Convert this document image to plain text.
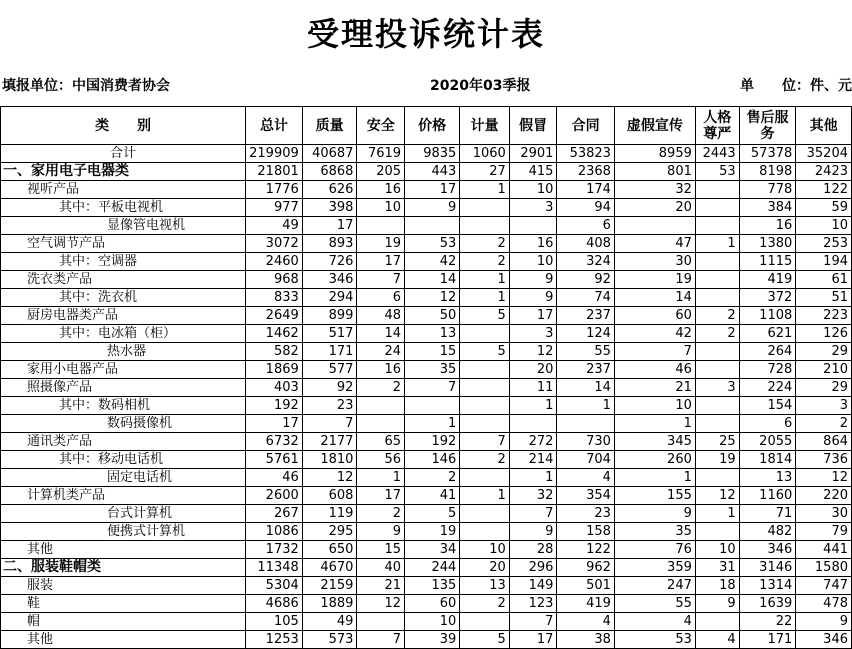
受理投诉统计表
填报单位：中国消费者协会	2020年03季报	单　　位：件、元
类　　别	总计	质量	安全	价格	计量	假冒	合同	虚假宣传	人格尊严	售后服务	其他
合计	219909	40687	7619	9835	1060	2901	53823	8959	2443	57378	35204
一、家用电子电器类	21801	6868	205	443	27	415	2368	801	53	8198	2423
视听产品	1776	626	16	17	1	10	174	32		778	122
其中：平板电视机	977	398	10	9		3	94	20		384	59
显像管电视机	49	17					6			16	10
空气调节产品	3072	893	19	53	2	16	408	47	1	1380	253
其中：空调器	2460	726	17	42	2	10	324	30		1115	194
洗衣类产品	968	346	7	14	1	9	92	19		419	61
其中：洗衣机	833	294	6	12	1	9	74	14		372	51
厨房电器类产品	2649	899	48	50	5	17	237	60	2	1108	223
其中：电冰箱（柜）	1462	517	14	13		3	124	42	2	621	126
热水器	582	171	24	15	5	12	55	7		264	29
家用小电器产品	1869	577	16	35		20	237	46		728	210
照摄像产品	403	92	2	7		11	14	21	3	224	29
其中：数码相机	192	23				1	1	10		154	3
数码摄像机	17	7		1				1		6	2
通讯类产品	6732	2177	65	192	7	272	730	345	25	2055	864
其中：移动电话机	5761	1810	56	146	2	214	704	260	19	1814	736
固定电话机	46	12	1	2		1	4	1		13	12
计算机类产品	2600	608	17	41	1	32	354	155	12	1160	220
台式计算机	267	119	2	5		7	23	9	1	71	30
便携式计算机	1086	295	9	19		9	158	35		482	79
其他	1732	650	15	34	10	28	122	76	10	346	441
二、服装鞋帽类	11348	4670	40	244	20	296	962	359	31	3146	1580
服装	5304	2159	21	135	13	149	501	247	18	1314	747
鞋	4686	1889	12	60	2	123	419	55	9	1639	478
帽	105	49		10		7	4	4		22	9
其他	1253	573	7	39	5	17	38	53	4	171	346
